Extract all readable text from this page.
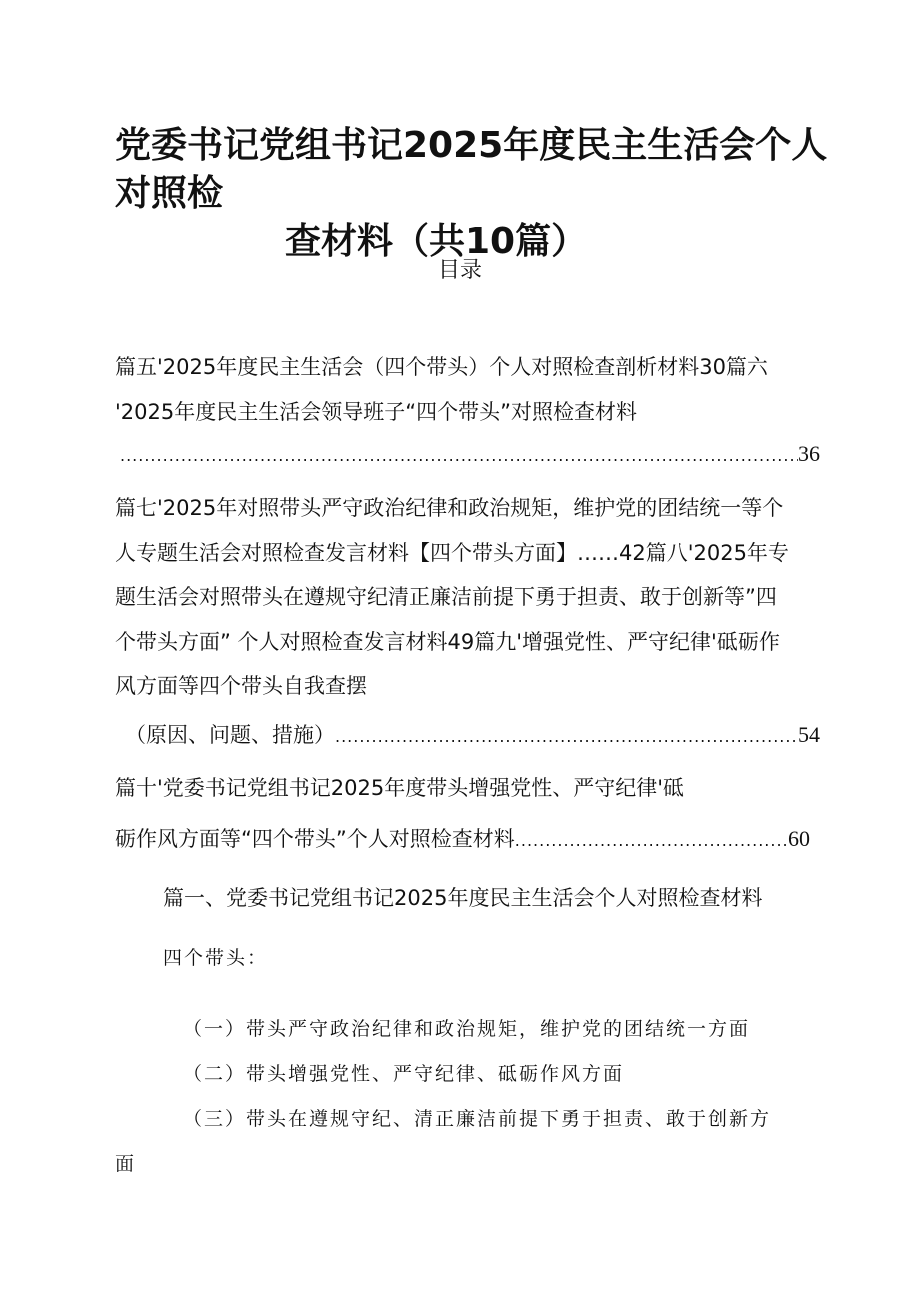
党委书记党组书记2025年度民主生活会个人对照检
查材料（共10篇）
目录
篇五'2025年度民主生活会（四个带头）个人对照检查剖析材料30篇六
'2025年度民主生活会领导班子“四个带头”对照检查材料
.....
36
篇七'2025年对照带头严守政治纪律和政治规矩，维护党的团结统一等个
人专题生活会对照检查发言材料【四个带头方面】……42篇八'2025年专
题生活会对照带头在遵规守纪清正廉洁前提下勇于担责、敢于创新等”四
个带头方面” 个人对照检查发言材料49篇九'增强党性、严守纪律'砥砺作
风方面等四个带头自我查摆
（原因、问题、措施） .....	54
篇十'党委书记党组书记2025年度带头增强党性、严守纪律'砥
砺作风方面等“四个带头”个人对照检查材料 .....	60
篇一、党委书记党组书记2025年度民主生活会个人对照检查材料
四个带头：
（一）带头严守政治纪律和政治规矩，维护党的团结统一方面
（二）带头增强党性、严守纪律、砥砺作风方面
（三）带头在遵规守纪、清正廉洁前提下勇于担责、敢于创新方
面
